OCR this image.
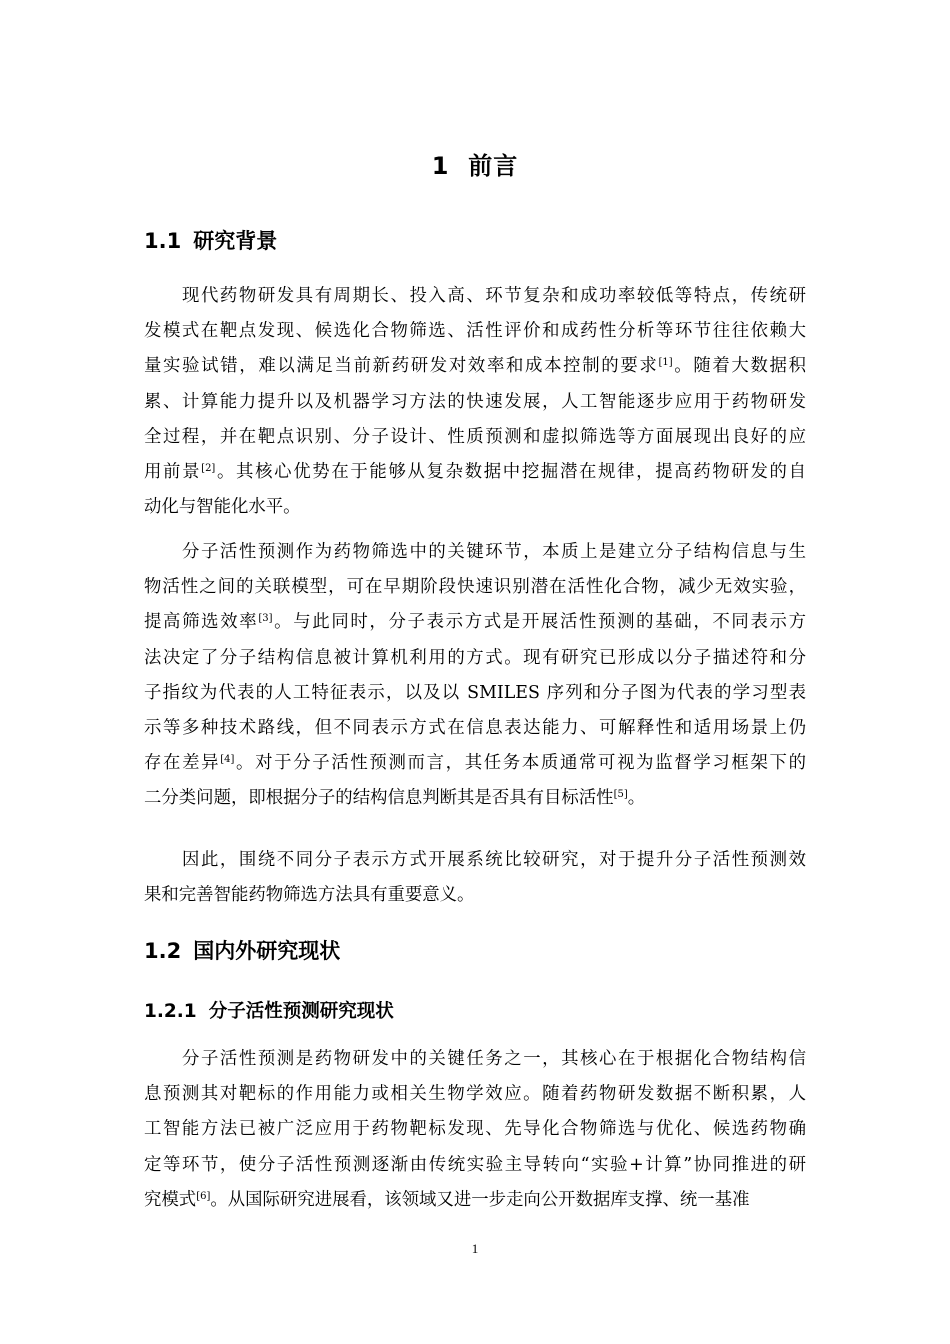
1 前言
1.1 研究背景
现代药物研发具有周期长、投入高、环节复杂和成功率较低等特点，传统研
发模式在靶点发现、候选化合物筛选、活性评价和成药性分析等环节往往依赖大
量实验试错，难以满足当前新药研发对效率和成本控制的要求[1]。随着大数据积
累、计算能力提升以及机器学习方法的快速发展，人工智能逐步应用于药物研发
全过程，并在靶点识别、分子设计、性质预测和虚拟筛选等方面展现出良好的应
用前景[2]。其核心优势在于能够从复杂数据中挖掘潜在规律，提高药物研发的自
动化与智能化水平。
分子活性预测作为药物筛选中的关键环节，本质上是建立分子结构信息与生
物活性之间的关联模型，可在早期阶段快速识别潜在活性化合物，减少无效实验，
提高筛选效率[3]。与此同时，分子表示方式是开展活性预测的基础，不同表示方
法决定了分子结构信息被计算机利用的方式。现有研究已形成以分子描述符和分
子指纹为代表的人工特征表示，以及以 SMILES 序列和分子图为代表的学习型表
示等多种技术路线，但不同表示方式在信息表达能力、可解释性和适用场景上仍
存在差异[4]。对于分子活性预测而言，其任务本质通常可视为监督学习框架下的
二分类问题，即根据分子的结构信息判断其是否具有目标活性[5]。
因此，围绕不同分子表示方式开展系统比较研究，对于提升分子活性预测效
果和完善智能药物筛选方法具有重要意义。
1.2 国内外研究现状
1.2.1 分子活性预测研究现状
分子活性预测是药物研发中的关键任务之一，其核心在于根据化合物结构信
息预测其对靶标的作用能力或相关生物学效应。随着药物研发数据不断积累，人
工智能方法已被广泛应用于药物靶标发现、先导化合物筛选与优化、候选药物确
定等环节，使分子活性预测逐渐由传统实验主导转向“实验+计算”协同推进的研
究模式[6]。从国际研究进展看，该领域又进一步走向公开数据库支撑、统一基准
1
